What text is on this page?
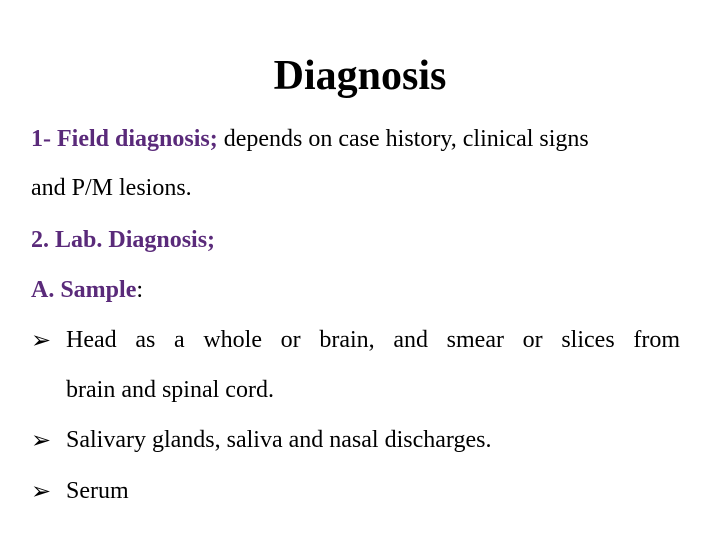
Diagnosis

1- Field diagnosis; depends on case history, clinical signs

and P/M lesions.

2. Lab. Diagnosis;

A. Sample:

➢ Head as a whole or brain, and smear or slices from

brain and spinal cord.

➢ Salivary glands, saliva and nasal discharges.

➢ Serum
